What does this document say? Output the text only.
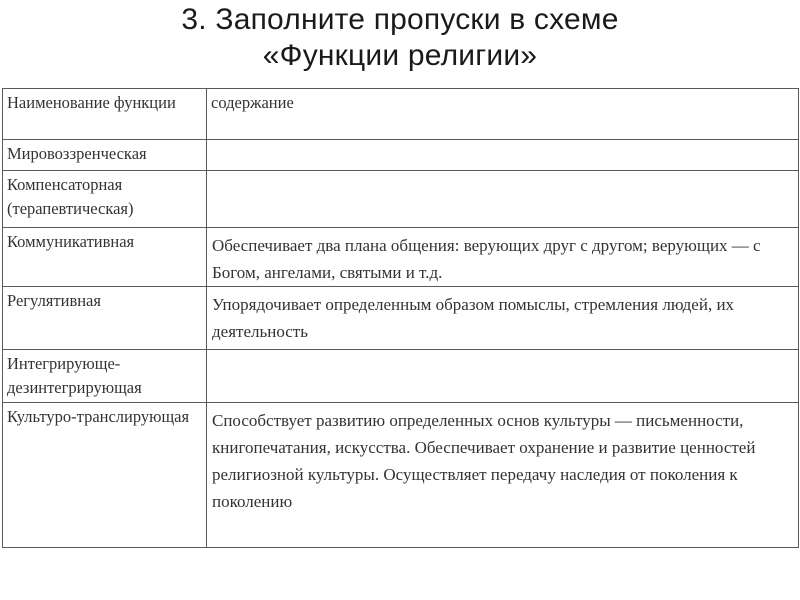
3. Заполните пропуски в схеме
«Функции религии»
Наименование функции	содержание

Мировоззренческая	

Компенсаторная (терапевтическая)	

Коммуникативная	Обеспечивает два плана общения: верующих друг с другом; верующих — с Богом, ангелами, святыми и т.д.

Регулятивная	Упорядочивает определенным образом помыслы, стремления людей, их деятельность

Интегрирующе-дезинтегрирующая	

Культуро-транслирующая	Способствует развитию определенных основ культуры — письменности, книгопечатания, искусства. Обеспечивает охранение и развитие ценностей религиозной культуры. Осуществляет передачу наследия от поколения к поколению
